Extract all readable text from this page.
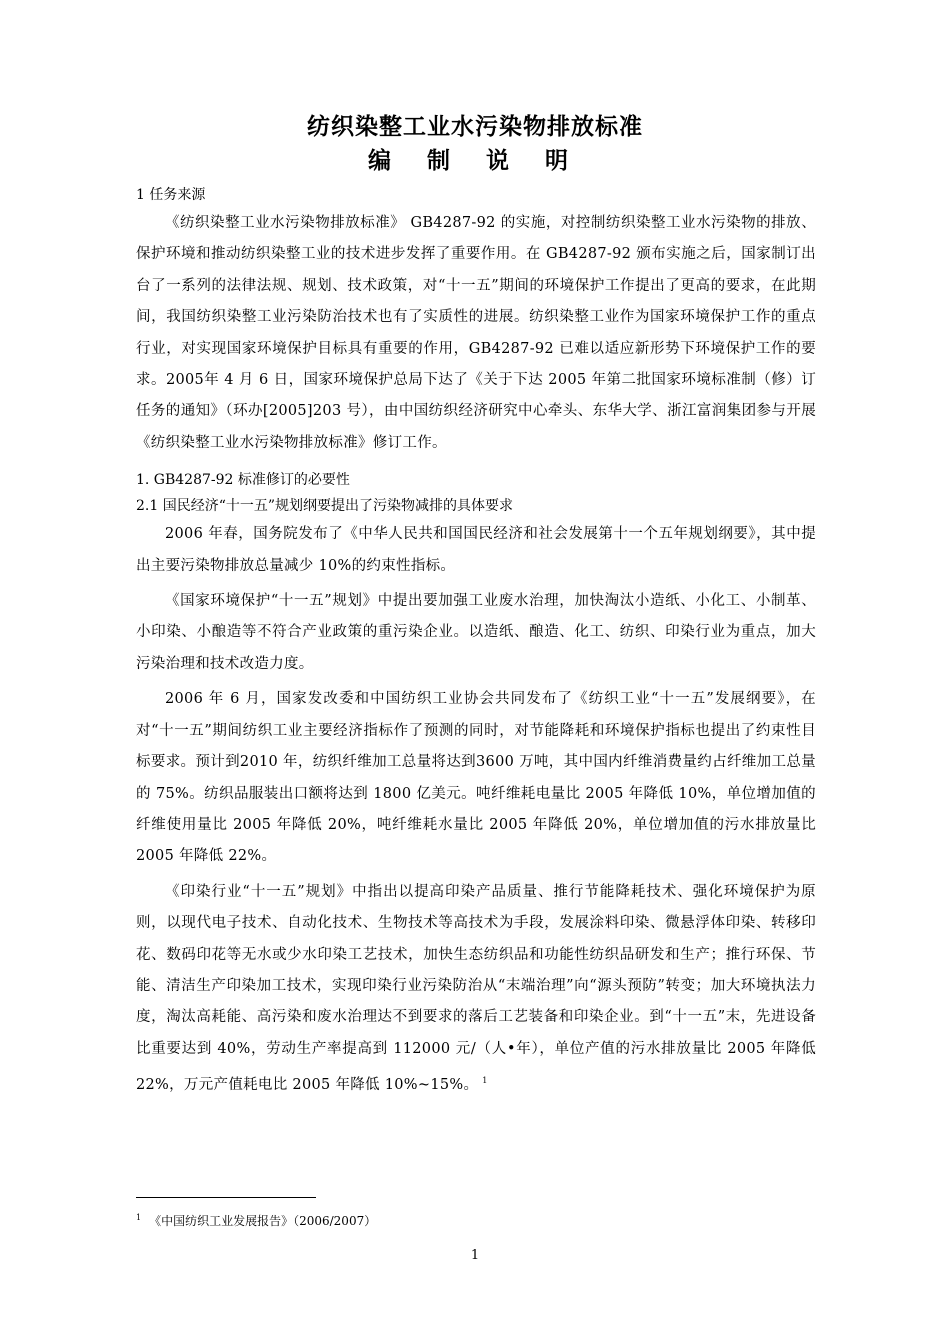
纺织染整工业水污染物排放标准
编 制 说 明

1 任务来源

《纺织染整工业水污染物排放标准》 GB4287-92 的实施，对控制纺织染整工业水污染物的排放、保护环境和推动纺织染整工业的技术进步发挥了重要作用。在 GB4287-92 颁布实施之后，国家制订出台了一系列的法律法规、规划、技术政策，对“十一五”期间的环境保护工作提出了更高的要求，在此期间，我国纺织染整工业污染防治技术也有了实质性的进展。纺织染整工业作为国家环境保护工作的重点行业，对实现国家环境保护目标具有重要的作用，GB4287-92 已难以适应新形势下环境保护工作的要求。2005年 4 月 6 日，国家环境保护总局下达了《关于下达 2005 年第二批国家环境标准制（修）订任务的通知》（环办[2005]203 号），由中国纺织经济研究中心牵头、东华大学、浙江富润集团参与开展《纺织染整工业水污染物排放标准》修订工作。

1. GB4287-92 标准修订的必要性

2.1 国民经济“十一五”规划纲要提出了污染物减排的具体要求

2006 年春，国务院发布了《中华人民共和国国民经济和社会发展第十一个五年规划纲要》，其中提出主要污染物排放总量减少 10%的约束性指标。

《国家环境保护“十一五”规划》中提出要加强工业废水治理，加快淘汰小造纸、小化工、小制革、小印染、小酿造等不符合产业政策的重污染企业。以造纸、酿造、化工、纺织、印染行业为重点，加大污染治理和技术改造力度。

2006 年 6 月，国家发改委和中国纺织工业协会共同发布了《纺织工业“十一五”发展纲要》，在对“十一五”期间纺织工业主要经济指标作了预测的同时，对节能降耗和环境保护指标也提出了约束性目标要求。预计到2010 年，纺织纤维加工总量将达到3600 万吨，其中国内纤维消费量约占纤维加工总量的 75%。纺织品服装出口额将达到 1800 亿美元。吨纤维耗电量比 2005 年降低 10%，单位增加值的纤维使用量比 2005 年降低 20%，吨纤维耗水量比 2005 年降低 20%，单位增加值的污水排放量比 2005 年降低 22%。

《印染行业“十一五”规划》中指出以提高印染产品质量、推行节能降耗技术、强化环境保护为原则，以现代电子技术、自动化技术、生物技术等高技术为手段，发展涂料印染、微悬浮体印染、转移印花、数码印花等无水或少水印染工艺技术，加快生态纺织品和功能性纺织品研发和生产；推行环保、节能、清洁生产印染加工技术，实现印染行业污染防治从“末端治理”向“源头预防”转变；加大环境执法力度，淘汰高耗能、高污染和废水治理达不到要求的落后工艺装备和印染企业。到“十一五”末，先进设备比重要达到 40%，劳动生产率提高到 112000 元/（人•年），单位产值的污水排放量比 2005 年降低 22%，万元产值耗电比 2005 年降低 10%~15%。 $^1$

$^1$ 《中国纺织工业发展报告》（2006/2007）

1
